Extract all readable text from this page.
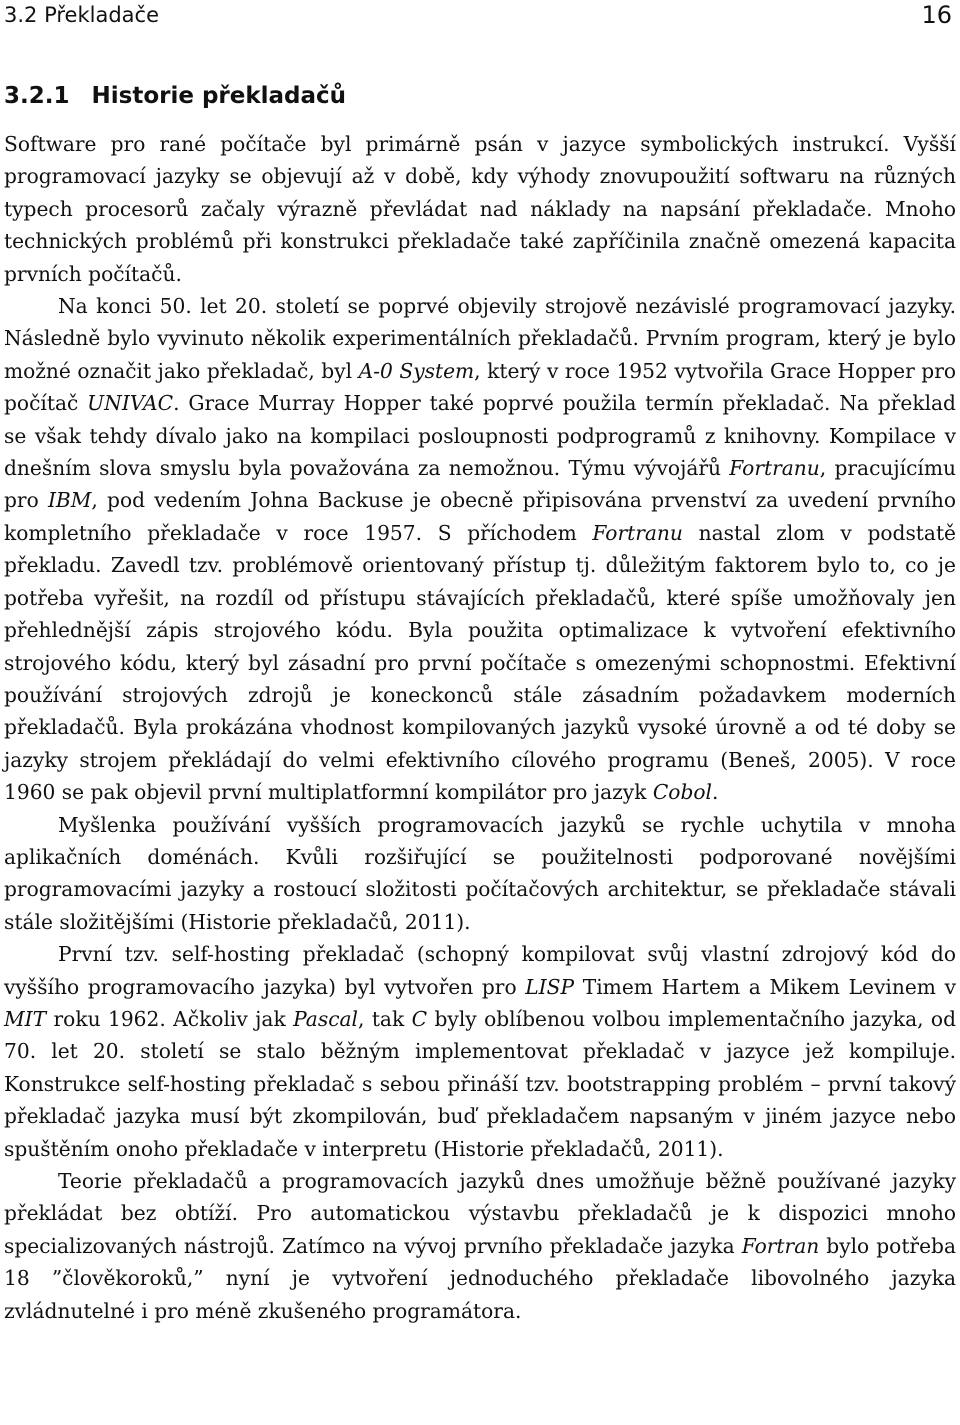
3.2 Překladače	16
3.2.1 Historie překladačů

Software pro rané počítače byl primárně psán v jazyce symbolických instrukcí. Vyšší programovací jazyky se objevují až v době, kdy výhody znovupoužití softwaru na různých typech procesorů začaly výrazně převládat nad náklady na napsání překladače. Mnoho technických problémů při konstrukci překladače také zapříčinila značně omezená kapacita prvních počítačů.

Na konci 50. let 20. století se poprvé objevily strojově nezávislé programovací jazyky. Následně bylo vyvinuto několik experimentálních překladačů. Prvním program, který je bylo možné označit jako překladač, byl A-0 System, který v roce 1952 vytvořila Grace Hopper pro počítač UNIVAC. Grace Murray Hopper také poprvé použila termín překladač. Na překlad se však tehdy dívalo jako na kompilaci posloupnosti podprogramů z knihovny. Kompilace v dnešním slova smyslu byla považována za nemožnou. Týmu vývojářů Fortranu, pracujícímu pro IBM, pod vedením Johna Backuse je obecně připisována prvenství za uvedení prvního kompletního překladače v roce 1957. S příchodem Fortranu nastal zlom v podstatě překladu. Zavedl tzv. problémově orientovaný přístup tj. důležitým faktorem bylo to, co je potřeba vyřešit, na rozdíl od přístupu stávajících překladačů, které spíše umožňovaly jen přehlednější zápis strojového kódu. Byla použita optimalizace k vytvoření efektivního strojového kódu, který byl zásadní pro první počítače s omezenými schopnostmi. Efektivní používání strojových zdrojů je koneckonců stále zásadním požadavkem moderních překladačů. Byla prokázána vhodnost kompilovaných jazyků vysoké úrovně a od té doby se jazyky strojem překládají do velmi efektivního cílového programu (Beneš, 2005). V roce 1960 se pak objevil první multiplatformní kompilátor pro jazyk Cobol.

Myšlenka používání vyšších programovacích jazyků se rychle uchytila v mnoha aplikačních doménách. Kvůli rozšiřující se použitelnosti podporované novějšími programovacími jazyky a rostoucí složitosti počítačových architektur, se překladače stávali stále složitějšími (Historie překladačů, 2011).

První tzv. self-hosting překladač (schopný kompilovat svůj vlastní zdrojový kód do vyššího programovacího jazyka) byl vytvořen pro LISP Timem Hartem a Mikem Levinem v MIT roku 1962. Ačkoliv jak Pascal, tak C byly oblíbenou volbou implementačního jazyka, od 70. let 20. století se stalo běžným implementovat překladač v jazyce jež kompiluje. Konstrukce self-hosting překladač s sebou přináší tzv. bootstrapping problém – první takový překladač jazyka musí být zkompilován, buď překladačem napsaným v jiném jazyce nebo spuštěním onoho překladače v interpretu (Historie překladačů, 2011).

Teorie překladačů a programovacích jazyků dnes umožňuje běžně používané jazyky překládat bez obtíží. Pro automatickou výstavbu překladačů je k dispozici mnoho specializovaných nástrojů. Zatímco na vývoj prvního překladače jazyka Fortran bylo potřeba 18 ”člověkoroků,” nyní je vytvoření jednoduchého překladače libovolného jazyka zvládnutelné i pro méně zkušeného programátora.
